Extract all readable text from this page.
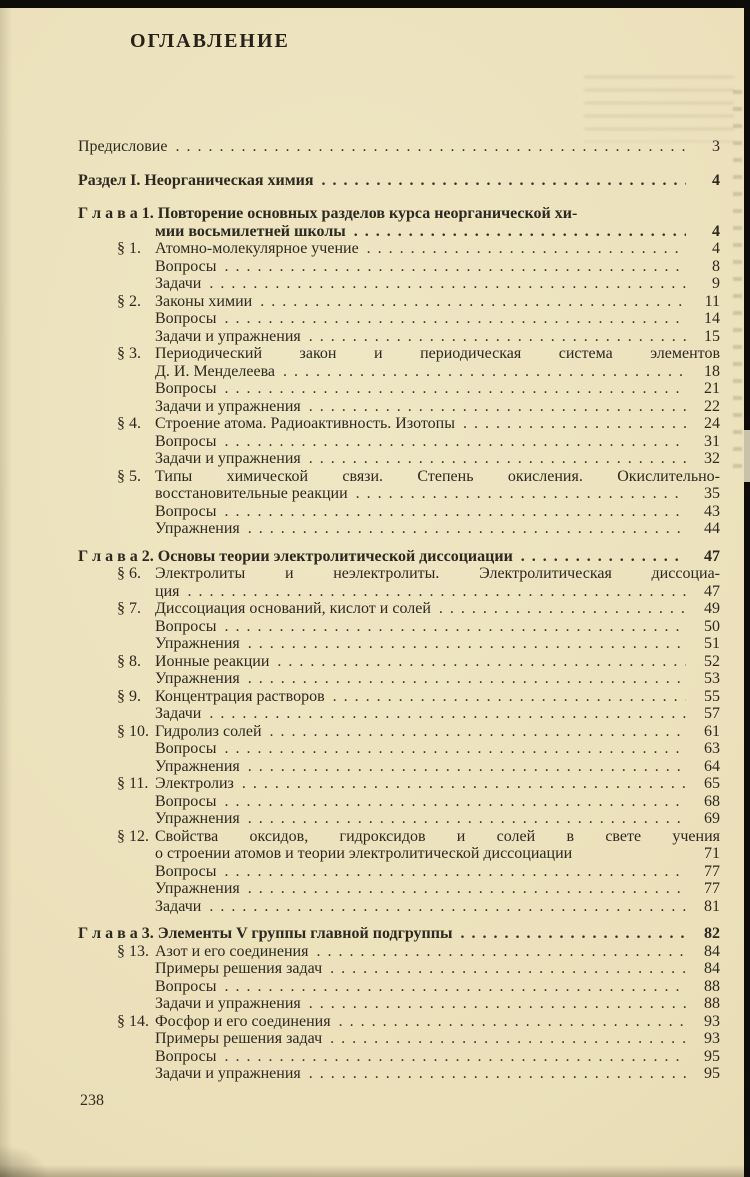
ОГЛАВЛЕНИЕ
Предисловие .....	3
Раздел I. Неорганическая химия .....	4
Г л а в а 1. Повторение основных разделов курса неорганической хи-
мии восьмилетней школы .....	4
§ 1. Атомно-молекулярное учение .....	4
Вопросы .....	8
Задачи .....	9
§ 2. Законы химии .....	11
Вопросы .....	14
Задачи и упражнения .....	15
§ 3. Периодический закон и периодическая система элементов
Д. И. Менделеева .....	18
Вопросы .....	21
Задачи и упражнения .....	22
§ 4. Строение атома. Радиоактивность. Изотопы .....	24
Вопросы .....	31
Задачи и упражнения .....	32
§ 5. Типы химической связи. Степень окисления. Окислительно-
восстановительные реакции .....	35
Вопросы .....	43
Упражнения .....	44
Г л а в а 2. Основы теории электролитической диссоциации .....	47
§ 6. Электролиты и неэлектролиты. Электролитическая диссоциа-
ция .....	47
§ 7. Диссоциация оснований, кислот и солей .....	49
Вопросы .....	50
Упражнения .....	51
§ 8. Ионные реакции .....	52
Упражнения .....	53
§ 9. Концентрация растворов .....	55
Задачи .....	57
§ 10. Гидролиз солей .....	61
Вопросы .....	63
Упражнения .....	64
§ 11. Электролиз .....	65
Вопросы .....	68
Упражнения .....	69
§ 12. Свойства оксидов, гидроксидов и солей в свете учения
о строении атомов и теории электролитической диссоциации	71
Вопросы .....	77
Упражнения .....	77
Задачи .....	81
Г л а в а 3. Элементы V группы главной подгруппы .....	82
§ 13. Азот и его соединения .....	84
Примеры решения задач .....	84
Вопросы .....	88
Задачи и упражнения .....	88
§ 14. Фосфор и его соединения .....	93
Примеры решения задач .....	93
Вопросы .....	95
Задачи и упражнения .....	95
238
